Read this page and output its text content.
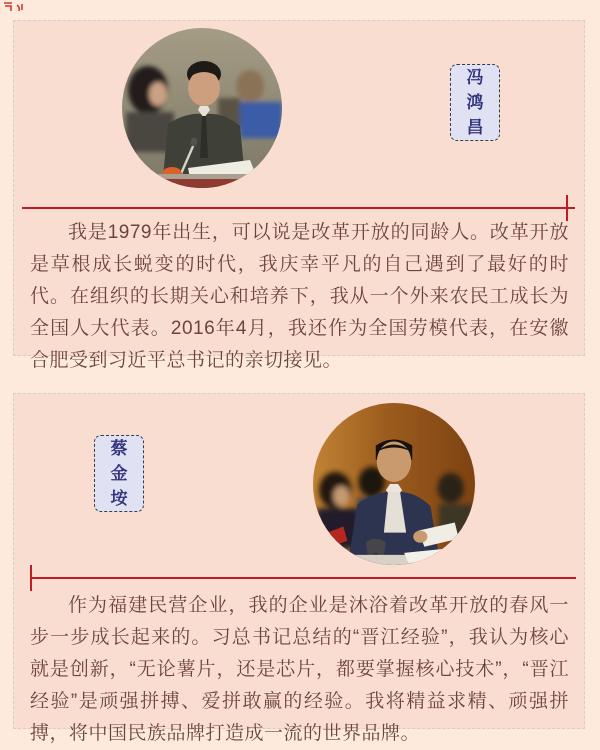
冯
鸿
昌

我是1979年出生，可以说是改革开放的同龄人。改革开放是草根成长蜕变的时代，我庆幸平凡的自己遇到了最好的时代。在组织的长期关心和培养下，我从一个外来农民工成长为全国人大代表。2016年4月，我还作为全国劳模代表，在安徽合肥受到习近平总书记的亲切接见。

蔡
金
垵

作为福建民营企业，我的企业是沐浴着改革开放的春风一步一步成长起来的。习总书记总结的“晋江经验”，我认为核心就是创新，“无论薯片，还是芯片，都要掌握核心技术”，“晋江经验”是顽强拼搏、爱拼敢赢的经验。我将精益求精、顽强拼搏，将中国民族品牌打造成一流的世界品牌。
